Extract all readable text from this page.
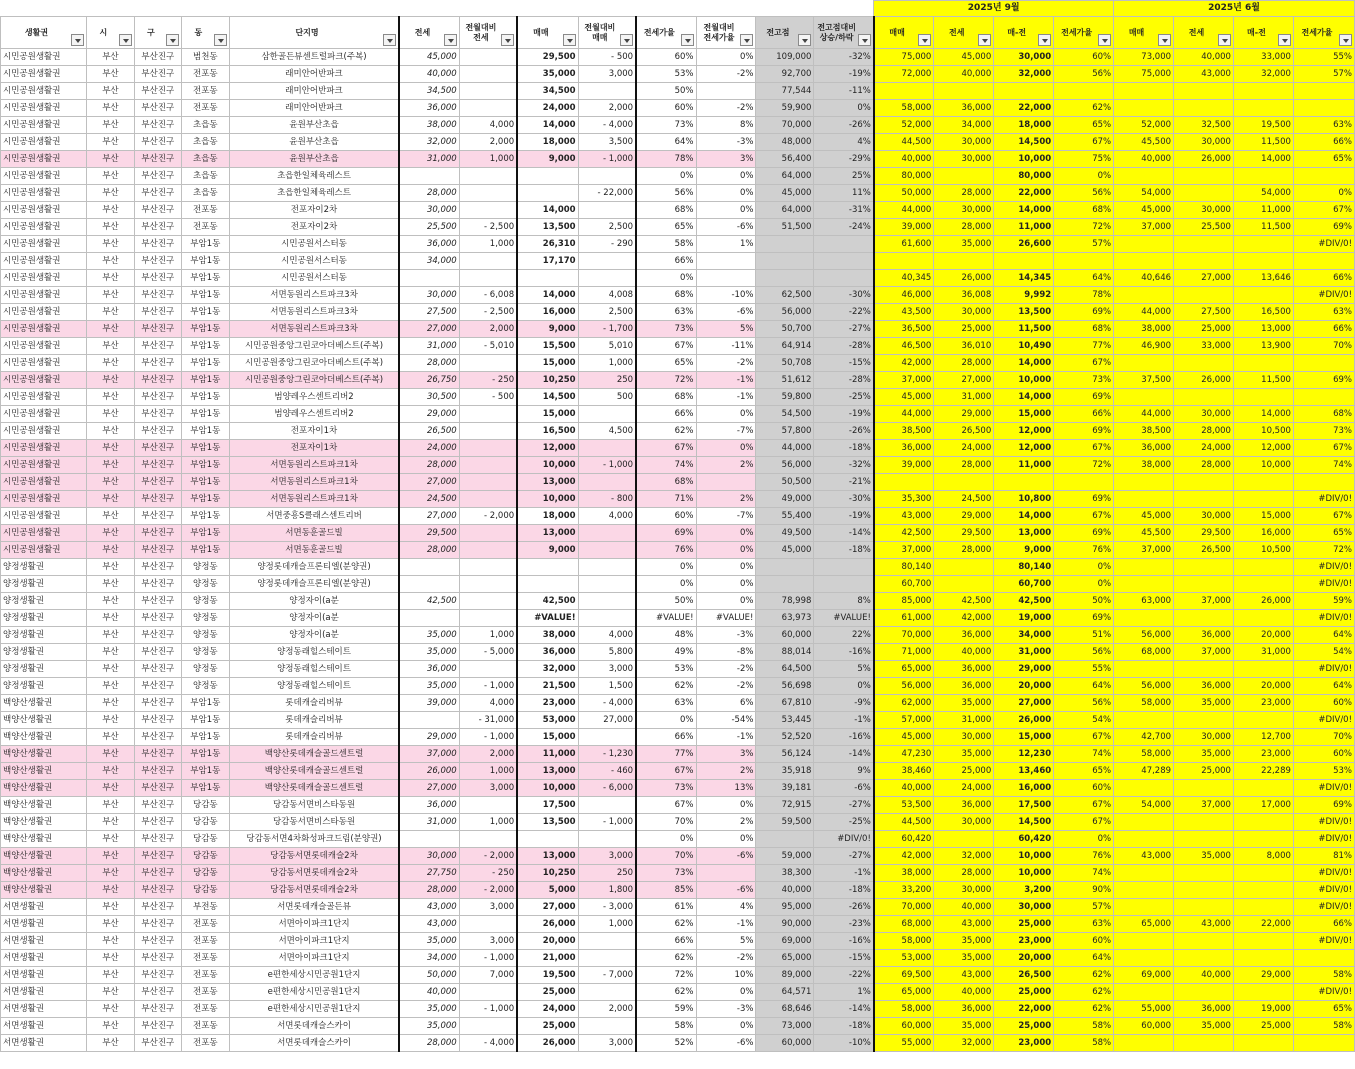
													2025년 9월				2025년 6월			

생활권	시	구	동	단지명	전세	전월대비 전세	매매	전월대비 매매	전세가율	전월대비 전세가율	전고점	전고점대비 상승/하락	매매	전세	매-전	전세가율	매매	전세	매-전	전세가율

시민공원생활권	부산	부산진구	범천동	삼한골든뷰센트럴파크(주복)	45,000		29,500	- 500	60%	0%	109,000	-32%	75,000	45,000	30,000	60%	73,000	40,000	33,000	55%
시민공원생활권	부산	부산진구	전포동	래미안어반파크	40,000		35,000	3,000	53%	-2%	92,700	-19%	72,000	40,000	32,000	56%	75,000	43,000	32,000	57%
시민공원생활권	부산	부산진구	전포동	래미안어반파크	34,500		34,500		50%		77,544	-11%								
시민공원생활권	부산	부산진구	전포동	래미안어반파크	36,000		24,000	2,000	60%	-2%	59,900	0%	58,000	36,000	22,000	62%				
시민공원생활권	부산	부산진구	초읍동	윤원부산초읍	38,000	4,000	14,000	- 4,000	73%	8%	70,000	-26%	52,000	34,000	18,000	65%	52,000	32,500	19,500	63%
시민공원생활권	부산	부산진구	초읍동	윤원부산초읍	32,000	2,000	18,000	3,500	64%	-3%	48,000	4%	44,500	30,000	14,500	67%	45,500	30,000	11,500	66%
시민공원생활권	부산	부산진구	초읍동	윤원부산초읍	31,000	1,000	9,000	- 1,000	78%	3%	56,400	-29%	40,000	30,000	10,000	75%	40,000	26,000	14,000	65%
시민공원생활권	부산	부산진구	초읍동	초읍한일체육레스트					0%	0%	64,000	25%	80,000		80,000	0%				
시민공원생활권	부산	부산진구	초읍동	초읍한일체육레스트	28,000			- 22,000	56%	0%	45,000	11%	50,000	28,000	22,000	56%	54,000		54,000	0%
시민공원생활권	부산	부산진구	전포동	전포자이2차	30,000		14,000		68%	0%	64,000	-31%	44,000	30,000	14,000	68%	45,000	30,000	11,000	67%
시민공원생활권	부산	부산진구	전포동	전포자이2차	25,500	- 2,500	13,500	2,500	65%	-6%	51,500	-24%	39,000	28,000	11,000	72%	37,000	25,500	11,500	69%
시민공원생활권	부산	부산진구	부암1동	시민공원서스터동	36,000	1,000	26,310	- 290	58%	1%			61,600	35,000	26,600	57%				#DIV/0!
시민공원생활권	부산	부산진구	부암1동	시민공원서스터동	34,000		17,170		66%											
시민공원생활권	부산	부산진구	부암1동	시민공원서스터동					0%				40,345	26,000	14,345	64%	40,646	27,000	13,646	66%
시민공원생활권	부산	부산진구	부암1동	서면동원리스트파크3차	30,000	- 6,008	14,000	4,008	68%	-10%	62,500	-30%	46,000	36,008	9,992	78%				#DIV/0!
시민공원생활권	부산	부산진구	부암1동	서면동원리스트파크3차	27,500	- 2,500	16,000	2,500	63%	-6%	56,000	-22%	43,500	30,000	13,500	69%	44,000	27,500	16,500	63%
시민공원생활권	부산	부산진구	부암1동	서면동원리스트파크3차	27,000	2,000	9,000	- 1,700	73%	5%	50,700	-27%	36,500	25,000	11,500	68%	38,000	25,000	13,000	66%
시민공원생활권	부산	부산진구	부암1동	시민공원중앙그린코아더베스트(주복)	31,000	- 5,010	15,500	5,010	67%	-11%	64,914	-28%	46,500	36,010	10,490	77%	46,900	33,000	13,900	70%
시민공원생활권	부산	부산진구	부암1동	시민공원중앙그린코아더베스트(주복)	28,000		15,000	1,000	65%	-2%	50,708	-15%	42,000	28,000	14,000	67%				
시민공원생활권	부산	부산진구	부암1동	시민공원중앙그린코아더베스트(주복)	26,750	- 250	10,250	250	72%	-1%	51,612	-28%	37,000	27,000	10,000	73%	37,500	26,000	11,500	69%
시민공원생활권	부산	부산진구	부암1동	범양레우스센트리버2	30,500	- 500	14,500	500	68%	-1%	59,800	-25%	45,000	31,000	14,000	69%				
시민공원생활권	부산	부산진구	부암1동	범양레우스센트리버2	29,000		15,000		66%	0%	54,500	-19%	44,000	29,000	15,000	66%	44,000	30,000	14,000	68%
시민공원생활권	부산	부산진구	부암1동	전포자이1차	26,500		16,500	4,500	62%	-7%	57,800	-26%	38,500	26,500	12,000	69%	38,500	28,000	10,500	73%
시민공원생활권	부산	부산진구	부암1동	전포자이1차	24,000		12,000		67%	0%	44,000	-18%	36,000	24,000	12,000	67%	36,000	24,000	12,000	67%
시민공원생활권	부산	부산진구	부암1동	서면동원리스트파크1차	28,000		10,000	- 1,000	74%	2%	56,000	-32%	39,000	28,000	11,000	72%	38,000	28,000	10,000	74%
시민공원생활권	부산	부산진구	부암1동	서면동원리스트파크1차	27,000		13,000		68%		50,500	-21%								
시민공원생활권	부산	부산진구	부암1동	서면동원리스트파크1차	24,500		10,000	- 800	71%	2%	49,000	-30%	35,300	24,500	10,800	69%				#DIV/0!
시민공원생활권	부산	부산진구	부암1동	서면중흥S클래스센트리버	27,000	- 2,000	18,000	4,000	60%	-7%	55,400	-19%	43,000	29,000	14,000	67%	45,000	30,000	15,000	67%
시민공원생활권	부산	부산진구	부암1동	서면동훈골드빌	29,500		13,000		69%	0%	49,500	-14%	42,500	29,500	13,000	69%	45,500	29,500	16,000	65%
시민공원생활권	부산	부산진구	부암1동	서면동훈골드빌	28,000		9,000		76%	0%	45,000	-18%	37,000	28,000	9,000	76%	37,000	26,500	10,500	72%
양정생활권	부산	부산진구	양정동	양정롯데캐슬프론티엘(분양권)					0%	0%			80,140		80,140	0%				#DIV/0!
양정생활권	부산	부산진구	양정동	양정롯데캐슬프론티엘(분양권)					0%	0%			60,700		60,700	0%				#DIV/0!
양정생활권	부산	부산진구	양정동	양정자이(a분	42,500		42,500		50%	0%	78,998	8%	85,000	42,500	42,500	50%	63,000	37,000	26,000	59%
양정생활권	부산	부산진구	양정동	양정자이(a분			#VALUE!		#VALUE!	#VALUE!	63,973	#VALUE!	61,000	42,000	19,000	69%				#DIV/0!
양정생활권	부산	부산진구	양정동	양정자이(a분	35,000	1,000	38,000	4,000	48%	-3%	60,000	22%	70,000	36,000	34,000	51%	56,000	36,000	20,000	64%
양정생활권	부산	부산진구	양정동	양정동래힐스테이트	35,000	- 5,000	36,000	5,800	49%	-8%	88,014	-16%	71,000	40,000	31,000	56%	68,000	37,000	31,000	54%
양정생활권	부산	부산진구	양정동	양정동래힐스테이트	36,000		32,000	3,000	53%	-2%	64,500	5%	65,000	36,000	29,000	55%				#DIV/0!
양정생활권	부산	부산진구	양정동	양정동래힐스테이트	35,000	- 1,000	21,500	1,500	62%	-2%	56,698	0%	56,000	36,000	20,000	64%	56,000	36,000	20,000	64%
백양산생활권	부산	부산진구	부암1동	롯데캐슬리버뷰	39,000	4,000	23,000	- 4,000	63%	6%	67,810	-9%	62,000	35,000	27,000	56%	58,000	35,000	23,000	60%
백양산생활권	부산	부산진구	부암1동	롯데캐슬리버뷰		- 31,000	53,000	27,000	0%	-54%	53,445	-1%	57,000	31,000	26,000	54%				#DIV/0!
백양산생활권	부산	부산진구	부암1동	롯데캐슬리버뷰	29,000	- 1,000	15,000		66%	-1%	52,520	-16%	45,000	30,000	15,000	67%	42,700	30,000	12,700	70%
백양산생활권	부산	부산진구	부암1동	백양산롯데캐슬골드센트럴	37,000	2,000	11,000	- 1,230	77%	3%	56,124	-14%	47,230	35,000	12,230	74%	58,000	35,000	23,000	60%
백양산생활권	부산	부산진구	부암1동	백양산롯데캐슬골드센트럴	26,000	1,000	13,000	- 460	67%	2%	35,918	9%	38,460	25,000	13,460	65%	47,289	25,000	22,289	53%
백양산생활권	부산	부산진구	부암1동	백양산롯데캐슬골드센트럴	27,000	3,000	10,000	- 6,000	73%	13%	39,181	-6%	40,000	24,000	16,000	60%				#DIV/0!
백양산생활권	부산	부산진구	당감동	당감동서면비스타동원	36,000		17,500		67%	0%	72,915	-27%	53,500	36,000	17,500	67%	54,000	37,000	17,000	69%
백양산생활권	부산	부산진구	당감동	당감동서면비스타동원	31,000	1,000	13,500	- 1,000	70%	2%	59,500	-25%	44,500	30,000	14,500	67%				#DIV/0!
백양산생활권	부산	부산진구	당감동	당감동서면4차화성파크드림(분양권)					0%	0%		#DIV/0!	60,420		60,420	0%				#DIV/0!
백양산생활권	부산	부산진구	당감동	당감동서면롯데캐슬2차	30,000	- 2,000	13,000	3,000	70%	-6%	59,000	-27%	42,000	32,000	10,000	76%	43,000	35,000	8,000	81%
백양산생활권	부산	부산진구	당감동	당감동서면롯데캐슬2차	27,750	- 250	10,250	250	73%		38,300	-1%	38,000	28,000	10,000	74%				#DIV/0!
백양산생활권	부산	부산진구	당감동	당감동서면롯데캐슬2차	28,000	- 2,000	5,000	1,800	85%	-6%	40,000	-18%	33,200	30,000	3,200	90%				#DIV/0!
서면생활권	부산	부산진구	부전동	서면롯데캐슬골든뷰	43,000	3,000	27,000	- 3,000	61%	4%	95,000	-26%	70,000	40,000	30,000	57%				#DIV/0!
서면생활권	부산	부산진구	전포동	서면아이파크1단지	43,000		26,000	1,000	62%	-1%	90,000	-23%	68,000	43,000	25,000	63%	65,000	43,000	22,000	66%
서면생활권	부산	부산진구	전포동	서면아이파크1단지	35,000	3,000	20,000		66%	5%	69,000	-16%	58,000	35,000	23,000	60%				#DIV/0!
서면생활권	부산	부산진구	전포동	서면아이파크1단지	34,000	- 1,000	21,000		62%	-2%	65,000	-15%	53,000	35,000	20,000	64%				
서면생활권	부산	부산진구	전포동	e편한세상시민공원1단지	50,000	7,000	19,500	- 7,000	72%	10%	89,000	-22%	69,500	43,000	26,500	62%	69,000	40,000	29,000	58%
서면생활권	부산	부산진구	전포동	e편한세상시민공원1단지	40,000		25,000		62%	0%	64,571	1%	65,000	40,000	25,000	62%				#DIV/0!
서면생활권	부산	부산진구	전포동	e편한세상시민공원1단지	35,000	- 1,000	24,000	2,000	59%	-3%	68,646	-14%	58,000	36,000	22,000	62%	55,000	36,000	19,000	65%
서면생활권	부산	부산진구	전포동	서면롯데캐슬스카이	35,000		25,000		58%	0%	73,000	-18%	60,000	35,000	25,000	58%	60,000	35,000	25,000	58%
서면생활권	부산	부산진구	전포동	서면롯데캐슬스카이	28,000	- 4,000	26,000	3,000	52%	-6%	60,000	-10%	55,000	32,000	23,000	58%				
